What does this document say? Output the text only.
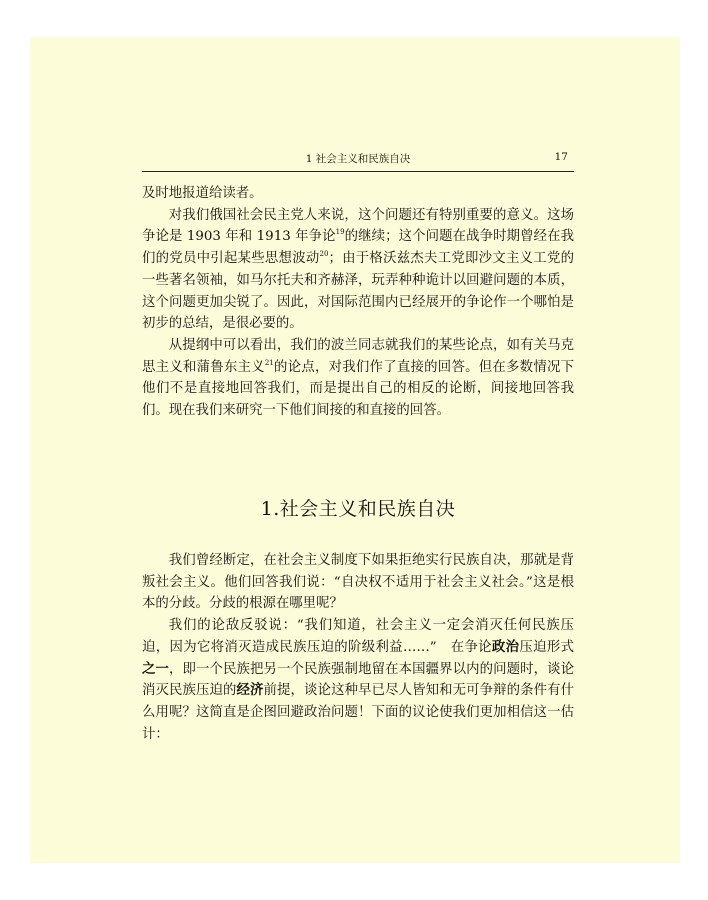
1 社会主义和民族自决	17

及时地报道给读者。

对我们俄国社会民主党人来说，这个问题还有特别重要的意义。这场争论是 1903 年和 1913 年争论$^{19}$的继续；这个问题在战争时期曾经在我们的党员中引起某些思想波动$^{20}$；由于格沃兹杰夫工党即沙文主义工党的一些著名领袖，如马尔托夫和齐赫泽，玩弄种种诡计以回避问题的本质，这个问题更加尖锐了。因此，对国际范围内已经展开的争论作一个哪怕是初步的总结，是很必要的。

从提纲中可以看出，我们的波兰同志就我们的某些论点，如有关马克思主义和蒲鲁东主义$^{21}$的论点，对我们作了直接的回答。但在多数情况下他们不是直接地回答我们，而是提出自己的相反的论断，间接地回答我们。现在我们来研究一下他们间接的和直接的回答。

1.社会主义和民族自决

我们曾经断定，在社会主义制度下如果拒绝实行民族自决，那就是背叛社会主义。他们回答我们说：“自决权不适用于社会主义社会。”这是根本的分歧。分歧的根源在哪里呢？

我们的论敌反驳说：“我们知道，社会主义一定会消灭任何民族压迫，因为它将消灭造成民族压迫的阶级利益……”　在争论政治压迫形式之一，即一个民族把另一个民族强制地留在本国疆界以内的问题时，谈论消灭民族压迫的经济前提，谈论这种早已尽人皆知和无可争辩的条件有什么用呢？这简直是企图回避政治问题！下面的议论使我们更加相信这一估计：
